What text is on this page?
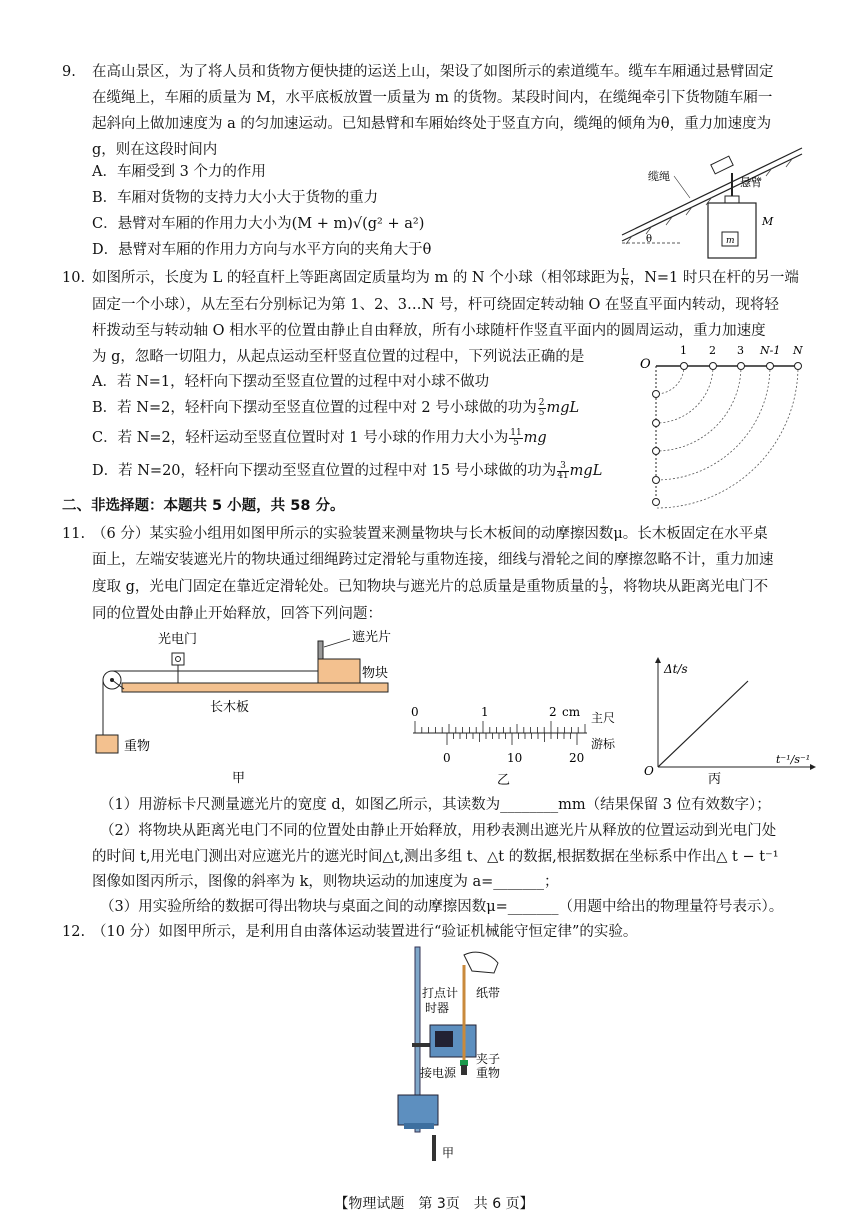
9. 在高山景区，为了将人员和货物方便快捷的运送上山，架设了如图所示的索道缆车。缆车车厢通过悬臂固定
在缆绳上，车厢的质量为 M，水平底板放置一质量为 m 的货物。某段时间内，在缆绳牵引下货物随车厢一
起斜向上做加速度为 a 的匀加速运动。已知悬臂和车厢始终处于竖直方向，缆绳的倾角为θ，重力加速度为
g，则在这段时间内
A．车厢受到 3 个力的作用
B．车厢对货物的支持力大小大于货物的重力
C．悬臂对车厢的作用力大小为(M + m)√(g² + a²)
D．悬臂对车厢的作用力方向与水平方向的夹角大于θ
θ
缆绳	悬臂
M
m
10. 如图所示，长度为 L 的轻直杆上等距离固定质量均为 m 的 N 个小球（相邻球距为 $\frac{L}{N}$ ，N=1 时只在杆的另一端
固定一个小球），从左至右分别标记为第 1、2、3…N 号，杆可绕固定转动轴 O 在竖直平面内转动，现将轻
杆拨动至与转动轴 O 相水平的位置由静止自由释放，所有小球随杆作竖直平面内的圆周运动，重力加速度
为 g，忽略一切阻力，从起点运动至杆竖直位置的过程中，下列说法正确的是
A．若 N=1，轻杆向下摆动至竖直位置的过程中对小球不做功
B．若 N=2，轻杆向下摆动至竖直位置的过程中对 2 号小球做的功为 $\frac{2}{5}$ mgL
C．若 N=2，轻杆运动至竖直位置时对 1 号小球的作用力大小为 $\frac{11}{5}$ mg
D．若 N=20，轻杆向下摆动至竖直位置的过程中对 15 号小球做的功为 $\frac{3}{41}$ mgL
O
1 2 3 N-1 N
二、非选择题：本题共 5 小题，共 58 分。
11. （6 分）某实验小组用如图甲所示的实验装置来测量物块与长木板间的动摩擦因数μ。长木板固定在水平桌
面上，左端安装遮光片的物块通过细绳跨过定滑轮与重物连接，细线与滑轮之间的摩擦忽略不计，重力加速
度取 g，光电门固定在靠近定滑轮处。已知物块与遮光片的总质量是重物质量的 $\frac{1}{3}$ ，将物块从距离光电门不
同的位置处由静止开始释放，回答下列问题：
光电门	遮光片
物块
长木板
重物
甲
0	1	2 cm 主尺
0	10	20
游标
乙
Δt/s
t⁻¹/s⁻¹
O
丙
（1）用游标卡尺测量遮光片的宽度 d，如图乙所示，其读数为________mm（结果保留 3 位有效数字）；
（2）将物块从距离光电门不同的位置处由静止开始释放，用秒表测出遮光片从释放的位置运动到光电门处
的时间 t,用光电门测出对应遮光片的遮光时间△t,测出多组 t、△t 的数据,根据数据在坐标系中作出△ t − t⁻¹
图像如图丙所示，图像的斜率为 k，则物块运动的加速度为 a=_______；
（3）用实验所给的数据可得出物块与桌面之间的动摩擦因数μ=_______（用题中给出的物理量符号表示）。
12. （10 分）如图甲所示，是利用自由落体运动装置进行“验证机械能守恒定律”的实验。
打点计
时器
纸带
夹子
重物
接电源
甲
【物理试题　第 3页　共 6 页】
